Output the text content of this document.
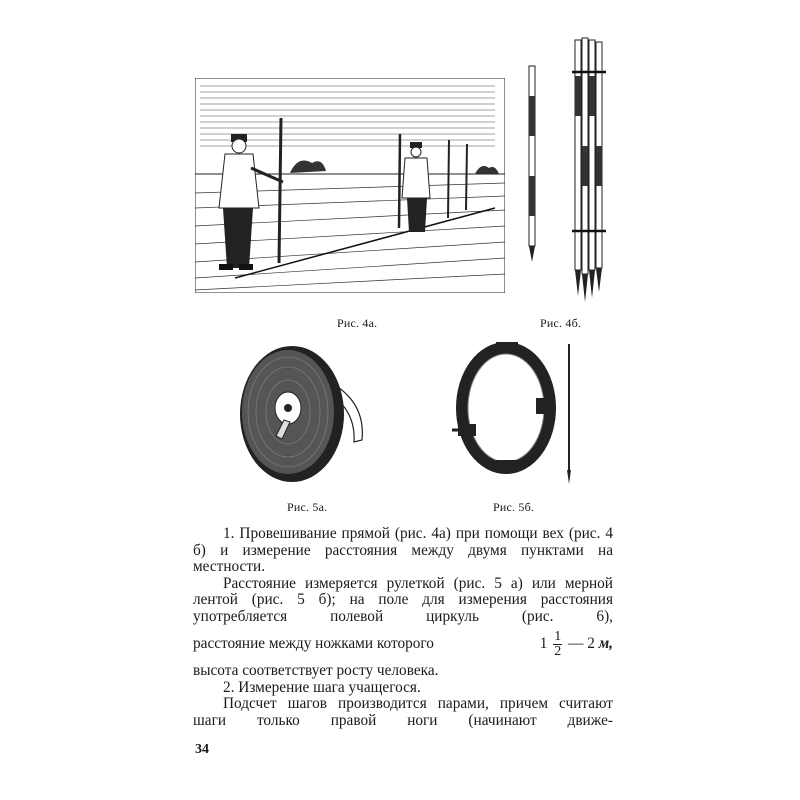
Рис. 4а.	Рис. 4б.
Рис. 5а.	Рис. 5б.

1. Провешивание прямой (рис. 4а) при помощи вех (рис. 4 б) и измерение расстояния между двумя пунктами на местности.

Расстояние измеряется рулеткой (рис. 5 а) или мерной лентой (рис. 5 б); на поле для измерения расстояния употребляется полевой циркуль (рис. 6),

расстояние между ножками которого	$1 \frac{1}{2}$ — 2 м,

высота соответствует росту человека.

2. Измерение шага учащегося.

Подсчет шагов производится парами, причем считают шаги только правой ноги (начинают движе-

34
